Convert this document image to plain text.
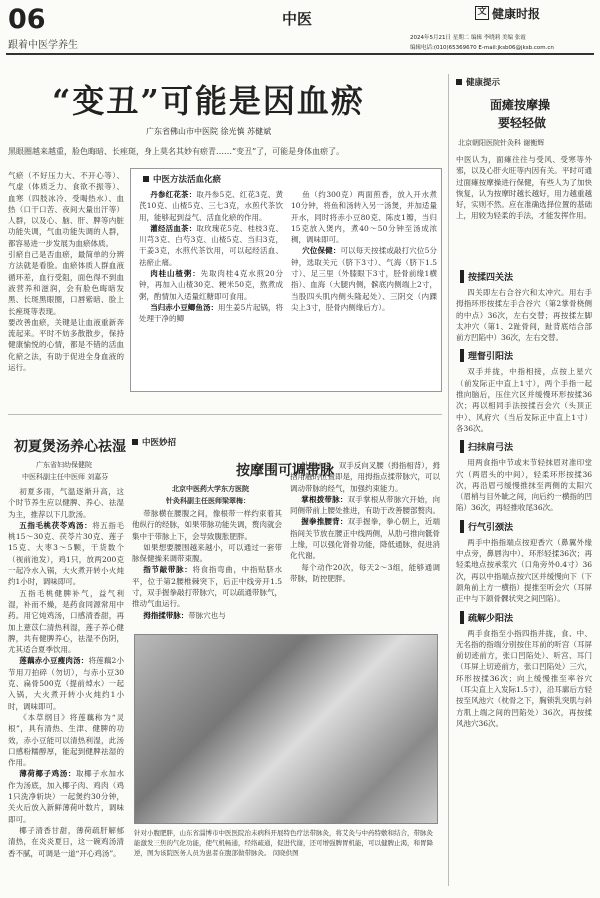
06	中医
跟着中医学养生
文 健康时报
2024年5月21日 星期二 编辑 李晓莉 美编 张霞
编辑电话:(010)65369670 E-mail:jksb06@jksb.com.cn
“变丑”可能是因血瘀
广东省佛山市中医院 徐光慎 苏健斌
黑眼圈越来越重，脸色晦暗、长痤斑，身上莫名其妙有瘀青……“变丑”了，可能是身体血瘀了。
气瘀（不好压力大、不开心等）、气虚（体质乏力、食欲不振等）、血寒（四肢冰冷、受喝热水）、血热（口干口苦、夜间大量出汗等）人群，以及心、脑、肝、脾等内脏功能失调，气血功能失调的人群，都容易进一步发展为血瘀体质。
引瘀自己是否血瘀，最简单的分辨方法就是看脸。血瘀体质人群血液循环差，血行受阻，面色得不到血液营养和滋润，会有脸色晦暗发黑、长斑黑眼圈，口唇紫暗、脸上长痤斑等表现。
要改善血瘀，关键是让血液重新奔流起来。平时不妨多散散步，保持健康愉悦的心情，都是不错的活血化瘀之法，有助于促进全身血液的运行。
中医方法活血化瘀

丹参红花茶：取丹参5克、红花3克、黄芪10克、山楂5克、三七3克，水煎代茶饮用，能够起到益气、活血化瘀的作用。

灌经活血茶：取玫瑰花5克、桂枝3克、川芎3克、白芍3克、山楂5克、当归3克，干姜3克，水煎代茶饮用，可以起经活血、祛瘀止痛。

肉桂山楂粥：先取肉桂4克水煎20分钟，再加入山楂30克、粳米50克，熬煮成粥，酌情加入适量红糖即可食用。

当归赤小豆鲫鱼汤：用生姜5片起锅，将处理干净的鲫

鱼（约300克）两面煎香，放入开水煮10分钟，将鱼和汤转入另一汤煲，并加适量开水，同时将赤小豆80克、陈皮1瓣，当归15克放入煲内，煮40～50分钟至汤成浓稠，调味即可。

穴位保健：可以每天按揉或敲打穴位5分钟，选取关元（脐下3寸）、气海（脐下1.5寸）、足三里（外膝眼下3寸，胫骨前缘1横指）、血海（大腿内侧，髌底内侧端上2寸，当股四头肌内侧头隆起处）、三阴交（内踝尖上3寸，胫骨内侧缘后方）。

初夏煲汤养心祛湿
广东省妇幼保健院
中医科副主任中医师 刘嘉芬

初夏多雨，气温逐渐升高，这个时节养生应以健脾、养心、祛湿为主，推荐以下几款汤。

五指毛桃茯苓鸡汤：将五指毛桃15～30克、茯苓片30克、莲子15克、大枣3～5颗，干货数个（视前池发），鸡1只，放两200克一起冷水入锅，大火煮开转小火炖约1小时，调味即可。

五指毛桃健脾补气，益气利湿，补而不燥，是药食同源常用中药。用它炖鸡汤，口感清香甜，再加上薏苡仁清热利湿，莲子养心健脾，共有健脾养心，祛湿不伤阴，尤其适合夏季饮用。

莲藕赤小豆瘦肉汤：将莲藕2小节用刀拍碎（勿切），与赤小豆30克、扁骨500克（提前焯水）一起入锅，大火煮开转小火炖约1小时，调味即可。

《本草纲目》将莲藕称为“灵根”，具有清热、生津、健脾的功效，赤小豆能可以清热利湿，此汤口感粉糯醇厚，能起到健脾祛湿的作用。

薄荷椰子鸡汤：取椰子水加水作为汤底，加入椰子肉、鸡肉（鸡1只洗净斩块）一起煲约30分钟，关火后放入新鲜薄荷叶数片，调味即可。

椰子清香甘甜，薄荷疏肝解郁清热，在炎炎夏日，这一碗鸡汤清香不腻，可调是一道“开心鸡汤”。

中医妙招
按摩围可调带脉
北京中医药大学东方医院
针灸科副主任医师梁翠梅：

带脉横在腰腹之间，像根带一样约束着其他纵行的经脉，如果带脉功能失调，赘肉就会集中于带脉上下，会导致腹胀肥胖。

如果想要腰围越来越小，可以通过一套带脉保健操来调带束腹。

指节敲带脉：将食指弯曲，中指贴脐水平，位于第2腰椎棘突下，后正中线旁开1.5寸，双手握拳敲打带脉穴，可以疏通带脉气，推动气血运行。

拇指揉带脉：带脉穴也与

肚脐水平，双手反向叉腰（拇指相背），拇指用触的位置即是，用拇指点揉带脉穴，可以调动带脉的经气，加强约束能力。

掌根拨带脉：双手掌根从带脉穴开始，向同侧带前上腰处推进，有助于改善腰部赘肉。

握拳推腰背：双手握拳，拳心朝上，近端指间关节放在腰正中线两侧，从肋弓推向骶骨上缘，可以强化肾骨功能，降低通脉，促进消化代谢。

每个动作20次，每天2～3组，能够通调带脉，防控肥胖。

针对小腹肥胖，山东省淄博市中医医院治未病科开展特色疗法带脉灸，将艾灸与中药特敷和结合，带脉灸能激发三焦的气化功能，使气机畅通，经络疏通，促进代谢，还可增强脾胃机能，可以健脾止渴，和胃降逆，图为该院医务人员为患者在腹部做带脉灸。 闵晓供图
健康提示
面瘫按摩操
要轻轻做
北京朝阳医院针灸科 谢衡辉
中医认为，面瘫往往与受风、受寒等外邪，以及心肝火旺等内因有关。平时可通过面瘫按摩操进行保健，有些人为了加快恢复，认为按摩时越长越好，用力越重越好，实则不然。应在准确选择位置的基础上，用较为轻柔的手法，才能发挥作用。
按揉四关法
四关即左右合谷穴和太冲穴。用右手拇指环形按揉左手合谷穴（第2掌骨桡侧的中点）36次，左右交替；再按揉左脚太冲穴（第1、2趾骨间，趾背底结合部前方凹陷中）36次，左右交替。
理督引阳法
双手并拢，中指相接，点按上星穴（前发际正中直上1寸），两个手指一起推向脑后，压住穴区并缓慢环形按揉36次；再以相同手法按揉百会穴（头顶正中）、风府穴（当后发际正中直上1寸）各36次。
扫抹肩弓法
用两食指中节或末节轻抹眉对准印堂穴（两眉头的中间），轻柔环形按揉36次，再沿眉弓缓慢推抹至两侧的太阳穴（眉梢与目外眦之间，向后约一横指的凹陷）36次，再轻推收尾36次。
行气引颈法
两手中指指端点按迎香穴（鼻翼外缘中点旁，鼻唇沟中）、环形轻揉36次；再轻柔地点按承浆穴（口角旁外0.4寸）36次，再以中指端点按穴区并缓慢向下（下颌角前上方一横指）提推至听会穴（耳屏正中与下颌骨髁状突之间凹陷）。
疏解少阳法
两手食指至小指四指并拢，食、中、无名指的指端分别按住耳前的听宫（耳屏前切迹前方，张口凹陷处）、听宫、耳门（耳屏上切迹前方，张口凹陷处）三穴，环形按揉36次；向上缓慢推至率谷穴（耳尖直上入发际1.5寸），沿耳廓后方轻按至风池穴（枕骨之下，胸锁乳突肌与斜方肌上端之间的凹陷处）36次，再按揉风池穴36次。
